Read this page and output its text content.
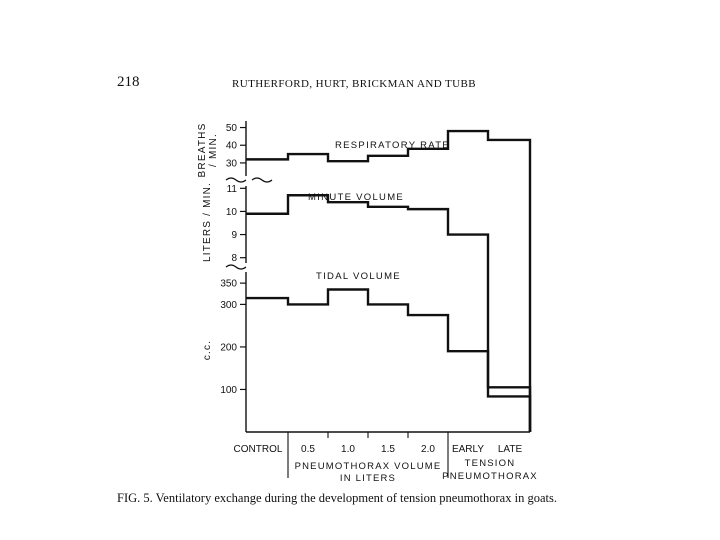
218	RUTHERFORD, HURT, BRICKMAN AND TUBB
30
40
50
8
9
10
11
100
200
300
350
BREATHS / MIN.
LITERS / MIN.
c.c.
RESPIRATORY RATE
MINUTE VOLUME
TIDAL VOLUME
CONTROL 0.5	1.0	1.5	2.0 EARLY LATE
PNEUMOTHORAX VOLUME
IN LITERS
TENSION
PNEUMOTHORAX
FIG. 5. Ventilatory exchange during the development of tension pneumothorax in goats.
